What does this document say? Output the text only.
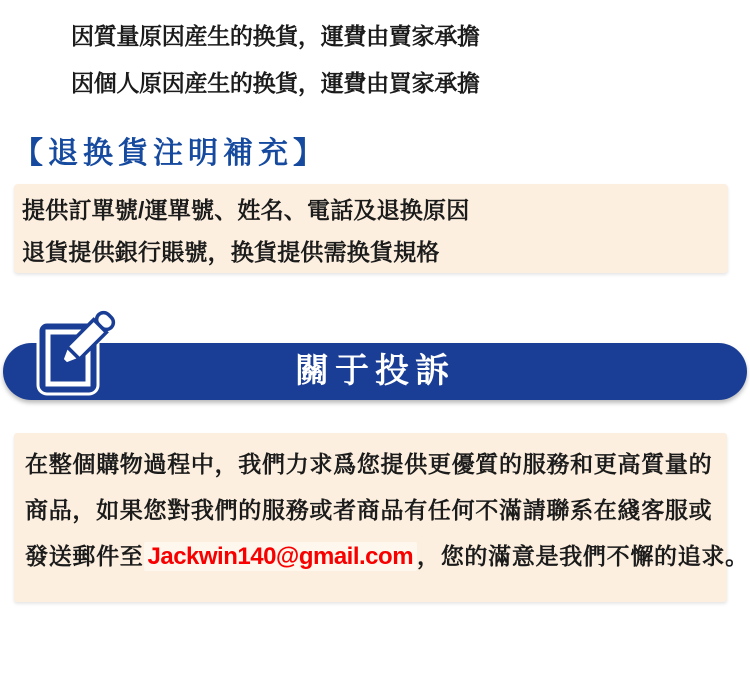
因質量原因産生的换貨，運費由賣家承擔
因個人原因産生的换貨，運費由買家承擔
【退换貨注明補充】

提供訂單號/運單號、姓名、電話及退换原因

退貨提供銀行賬號，换貨提供需换貨規格

關于投訴

在整個購物過程中，我們力求爲您提供更優質的服務和更高質量的

商品，如果您對我們的服務或者商品有任何不滿請聯系在綫客服或

發送郵件至 Jackwin140@gmail.com ，您的滿意是我們不懈的追求。
